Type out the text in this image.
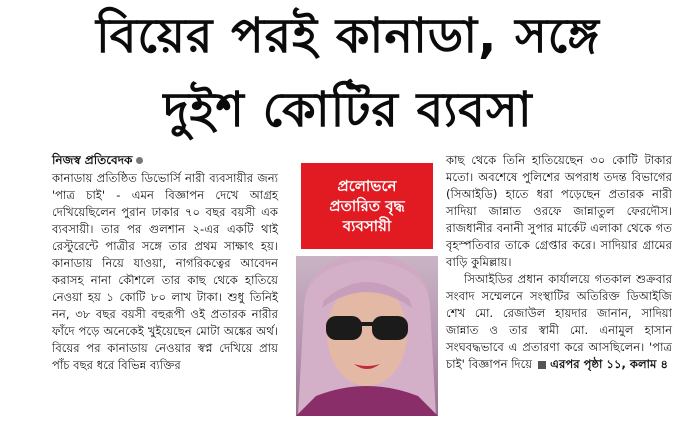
বিয়ের পরই কানাডা, সঙ্গে
দুইশ কোটির ব্যবসা
নিজস্ব প্রতিবেদক

কানাডায় প্রতিষ্ঠিত ডিভোর্সি নারী ব্যবসায়ীর জন্য 'পাত্র চাই' - এমন বিজ্ঞাপন দেখে আগ্রহ দেখিয়েছিলেন পুরান ঢাকার ৭০ বছর বয়সী এক ব্যবসায়ী। তার পর গুলশান ২-এর একটি থাই রেস্টুরেন্টে পাত্রীর সঙ্গে তার প্রথম সাক্ষাৎ হয়। কানাডায় নিয়ে যাওয়া, নাগরিকত্বের আবেদন করাসহ নানা কৌশলে তার কাছ থেকে হাতিয়ে নেওয়া হয় ১ কোটি ৮০ লাখ টাকা। শুধু তিনিই নন, ৩৮ বছর বয়সী বহুরূপী ওই প্রতারক নারীর ফাঁদে পড়ে অনেকেই খুইয়েছেন মোটা অঙ্কের অর্থ। বিয়ের পর কানাডায় নেওয়ার স্বপ্ন দেখিয়ে প্রায় পাঁচ বছর ধরে বিভিন্ন ব্যক্তির

প্রলোভনে
প্রতারিত বৃদ্ধ
ব্যবসায়ী

কাছ থেকে তিনি হাতিয়েছেন ৩০ কোটি টাকার মতো। অবশেষে পুলিশের অপরাধ তদন্ত বিভাগের (সিআইডি) হাতে ধরা পড়েছেন প্রতারক নারী সাদিয়া জান্নাত ওরফে জান্নাতুল ফেরদৌস। রাজধানীর বনানী সুপার মার্কেট এলাকা থেকে গত বৃহস্পতিবার তাকে গ্রেপ্তার করে। সাদিয়ার গ্রামের বাড়ি কুমিল্লায়।

সিআইডির প্রধান কার্যালয়ে গতকাল শুক্রবার সংবাদ সম্মেলনে সংস্থাটির অতিরিক্ত ডিআইজি শেখ মো. রেজাউল হায়দার জানান, সাদিয়া জান্নাত ও তার স্বামী মো. এনামুল হাসান সংঘবদ্ধভাবে এ প্রতারণা করে আসছিলেন। 'পাত্র চাই' বিজ্ঞাপন দিয়ে এরপর পৃষ্ঠা ১১, কলাম ৪
